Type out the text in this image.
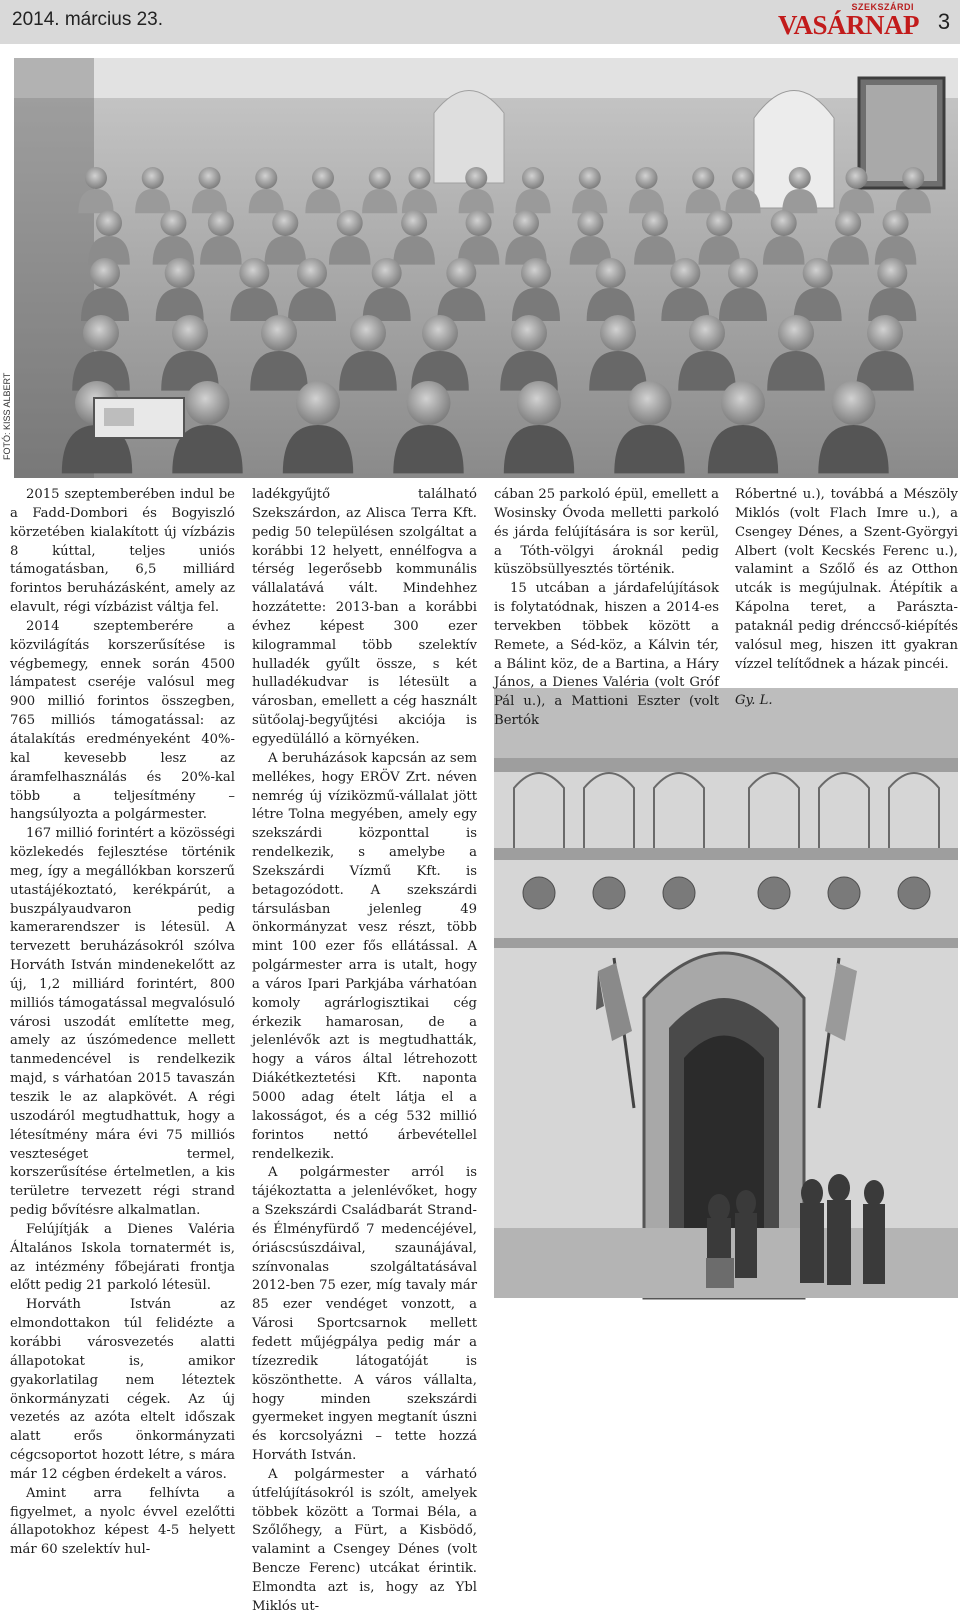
2014. március 23.
SZEKSZÁRDI
VASÁRNAP 3
FOTÓ: KISS ALBERT

2015 szeptemberében indul be a Fadd-Dombori és Bogyiszló körzetében kialakított új vízbázis 8 kúttal, teljes uniós támogatásban, 6,5 milliárd forintos beruházásként, amely az elavult, régi vízbázist váltja fel.

2014 szeptemberére a közvilágítás korszerűsítése is végbemegy, ennek során 4500 lámpatest cseréje valósul meg 900 millió forintos összegben, 765 milliós támogatással: az átalakítás eredményeként 40%-kal kevesebb lesz az áramfelhasználás és 20%-kal több a teljesítmény – hangsúlyozta a polgármester.

167 millió forintért a közösségi közlekedés fejlesztése történik meg, így a megállókban korszerű utastájékoztató, kerékpárút, a buszpályaudvaron pedig kamerarendszer is létesül. A tervezett beruházásokról szólva Horváth István mindenekelőtt az új, 1,2 milliárd forintért, 800 milliós támogatással megvalósuló városi uszodát említette meg, amely az úszómedence mellett tanmedencével is rendelkezik majd, s várhatóan 2015 tavaszán teszik le az alapkövét. A régi uszodáról megtudhattuk, hogy a létesítmény mára évi 75 milliós veszteséget termel, korszerűsítése értelmetlen, a kis területre tervezett régi strand pedig bővítésre alkalmatlan.

Felújítják a Dienes Valéria Általános Iskola tornatermét is, az intézmény főbejárati frontja előtt pedig 21 parkoló létesül.

Horváth István az elmondottakon túl felidézte a korábbi városvezetés alatti állapotokat is, amikor gyakorlatilag nem léteztek önkormányzati cégek. Az új vezetés az azóta eltelt időszak alatt erős önkormányzati cégcsoportot hozott létre, s mára már 12 cégben érdekelt a város.

Amint arra felhívta a figyelmet, a nyolc évvel ezelőtti állapotokhoz képest 4-5 helyett már 60 szelektív hul-

ladékgyűjtő található Szekszárdon, az Alisca Terra Kft. pedig 50 településen szolgáltat a korábbi 12 helyett, ennélfogva a térség legerősebb kommunális vállalatává vált. Mindehhez hozzátette: 2013-ban a korábbi évhez képest 300 ezer kilogrammal több szelektív hulladék gyűlt össze, s két hulladékudvar is létesült a városban, emellett a cég használt sütőolaj-begyűjtési akciója is egyedülálló a környéken.

A beruházások kapcsán az sem mellékes, hogy ERÖV Zrt. néven nemrég új víziközmű-vállalat jött létre Tolna megyében, amely egy szekszárdi központtal is rendelkezik, s amelybe a Szekszárdi Vízmű Kft. is betagozódott. A szekszárdi társulásban jelenleg 49 önkormányzat vesz részt, több mint 100 ezer fős ellátással. A polgármester arra is utalt, hogy a város Ipari Parkjába várhatóan komoly agrárlogisztikai cég érkezik hamarosan, de a jelenlévők azt is megtudhatták, hogy a város által létrehozott Diákétkeztetési Kft. naponta 5000 adag ételt látja el a lakosságot, és a cég 532 millió forintos nettó árbevétellel rendelkezik.

A polgármester arról is tájékoztatta a jelenlévőket, hogy a Szekszárdi Családbarát Strand- és Élményfürdő 7 medencéjével, óriáscsúszdáival, szaunájával, színvonalas szolgáltatásával 2012-ben 75 ezer, míg tavaly már 85 ezer vendéget vonzott, a Városi Sportcsarnok mellett fedett műjégpálya pedig már a tízezredik látogatóját is köszönthette. A város vállalta, hogy minden szekszárdi gyermeket ingyen megtanít úszni és korcsolyázni – tette hozzá Horváth István.

A polgármester a várható útfelújításokról is szólt, amelyek többek között a Tormai Béla, a Szőlőhegy, a Fürt, a Kisbödő, valamint a Csengey Dénes (volt Bencze Ferenc) utcákat érintik. Elmondta azt is, hogy az Ybl Miklós ut-

cában 25 parkoló épül, emellett a Wosinsky Óvoda melletti parkoló és járda felújítására is sor kerül, a Tóth-völgyi ároknál pedig küszöbsüllyesztés történik.

15 utcában a járdafelújítások is folytatódnak, hiszen a 2014-es tervekben többek között a Remete, a Séd-köz, a Kálvin tér, a Bálint köz, de a Bartina, a Háry János, a Dienes Valéria (volt Gróf Pál u.), a Mattioni Eszter (volt Bertók

Róbertné u.), továbbá a Mészöly Miklós (volt Flach Imre u.), a Csengey Dénes, a Szent-Györgyi Albert (volt Kecskés Ferenc u.), valamint a Szőlő és az Otthon utcák is megújulnak. Átépítik a Kápolna teret, a Parászta-pataknál pedig drénccső-kiépítés valósul meg, hiszen itt gyakran vízzel telítődnek a házak pincéi.

Gy. L.
